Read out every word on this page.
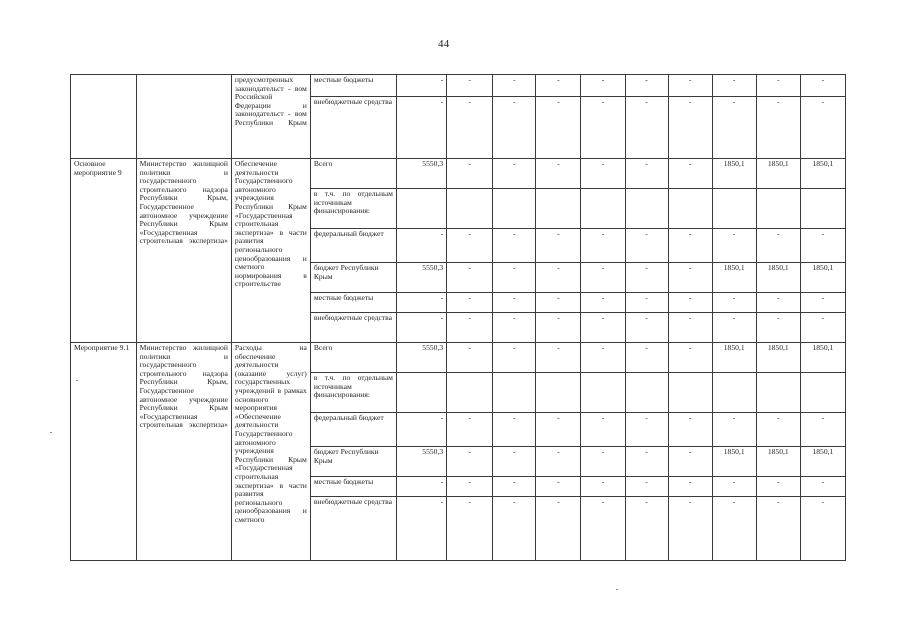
44
		предусмотренных законодательст - вом Российской Федерации и законодательст - вом Республики Крым	местные бюджеты	-	-	-	-	-	-	-	-	-	-
			внебюджетные средства	-	-	-	-	-	-	-	-	-	-
Основное мероприятие 9	Министерство жилищной политики и государственного строительного надзора Республики Крым, Государственное автономное учреждение Республики Крым «Государственная строительная экспертиза»	Обеспечение деятельности Государственного автономного учреждения Республики Крым «Государственная строительная экспертиза» в части развития регионального ценообразования и сметного нормирования в строительстве	Всего	5550,3	-	-	-	-	-	-	1850,1	1850,1	1850,1
			в т.ч. по отдельным источникам финансирования:										
			федеральный бюджет	-	-	-	-	-	-	-	-	-	-
			бюджет Республики Крым	5550,3	-	-	-	-	-	-	1850,1	1850,1	1850,1
			местные бюджеты	-	-	-	-	-	-	-	-	-	-
			внебюджетные средства	-	-	-	-	-	-	-	-	-	-
Мероприятие 9.1	Министерство жилищной политики и государственного строительного надзора Республики Крым, Государственное автономное учреждение Республики Крым «Государственная строительная экспертиза»	Расходы на обеспечение деятельности (оказание услуг) государственных учреждений в рамках основного мероприятия «Обеспечение деятельности Государственного автономного учреждения Республики Крым «Государственная строительная экспертиза» в части развития регионального ценообразования и сметного	Всего	5550,3	-	-	-	-	-	-	1850,1	1850,1	1850,1
			в т.ч. по отдельным источникам финансирования:										
			федеральный бюджет	-	-	-	-	-	-	-	-	-	-
			бюджет Республики Крым	5550,3	-	-	-	-	-	-	1850,1	1850,1	1850,1
			местные бюджеты	-	-	-	-	-	-	-	-	-	-
			внебюджетные средства	-	-	-	-	-	-	-	-	-	-
